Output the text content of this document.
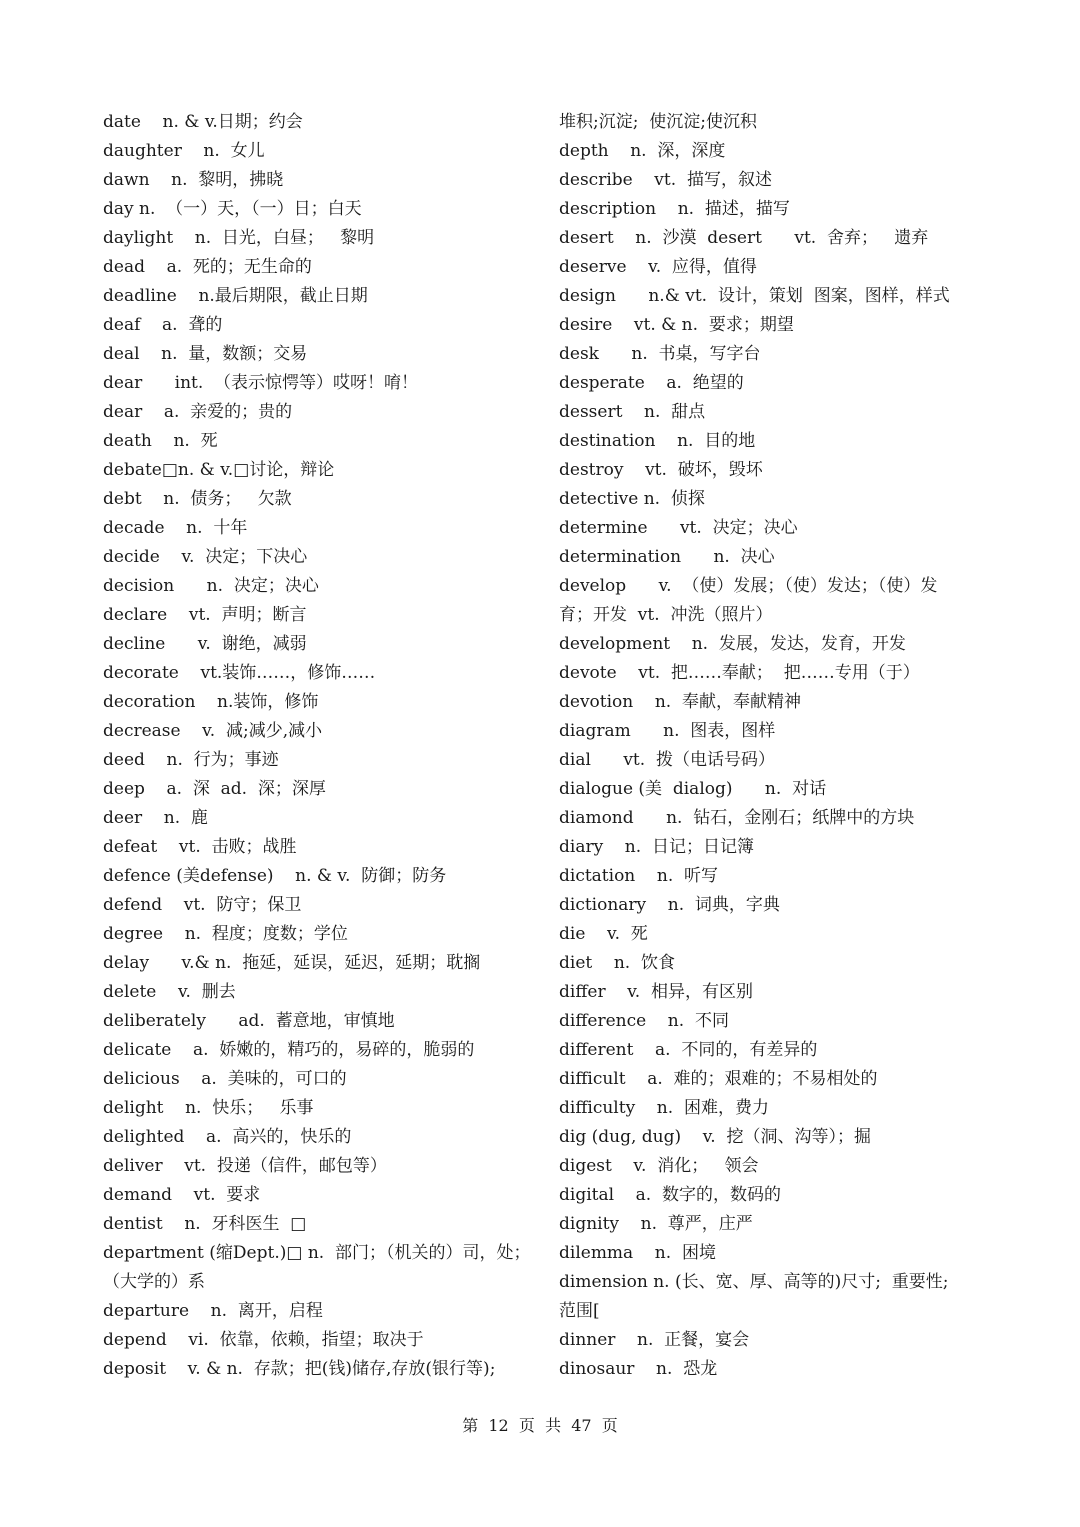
date    n. & v.日期；约会
daughter    n.  女儿
dawn    n.  黎明，拂晓
day n.  （一）天，（一）日；白天
daylight    n.  日光，白昼；   黎明
dead    a.  死的；无生命的
deadline    n.最后期限，截止日期
deaf    a.  聋的
deal    n.  量，数额；交易
dear      int.  （表示惊愕等）哎呀！唷！
dear    a.  亲爱的；贵的
death    n.  死
debate□n. & v.□讨论，辩论
debt    n.  债务；   欠款
decade    n.  十年
decide    v.  决定；下决心
decision      n.  决定；决心
declare    vt.  声明；断言
decline      v.  谢绝，减弱
decorate    vt.装饰……，修饰……
decoration    n.装饰，修饰
decrease    v.  减;减少,减小
deed    n.  行为；事迹
deep    a.  深  ad.  深；深厚
deer    n.  鹿
defeat    vt.  击败；战胜
defence (美defense)    n. & v.  防御；防务
defend    vt.  防守；保卫
degree    n.  程度；度数；学位
delay      v.& n.  拖延，延误，延迟，延期；耽搁
delete    v.  删去
deliberately      ad.  蓄意地，审慎地
delicate    a.  娇嫩的，精巧的，易碎的，脆弱的
delicious    a.  美味的，可口的
delight    n.  快乐；   乐事
delighted    a.  高兴的，快乐的
deliver    vt.  投递（信件，邮包等）
demand    vt.  要求
dentist    n.  牙科医生  □
department (缩Dept.)□ n.  部门；（机关的）司，处；
（大学的）系
departure    n.  离开，启程
depend    vi.  依靠，依赖，指望；取决于
deposit    v. & n.  存款；把(钱)储存,存放(银行等);
堆积;沉淀;  使沉淀;使沉积
depth    n.  深，深度
describe    vt.  描写，叙述
description    n.  描述，描写
desert    n.  沙漠  desert      vt.  舍弃；   遗弃
deserve    v.  应得，值得
design      n.& vt.  设计，策划  图案，图样，样式
desire    vt. & n.  要求；期望
desk      n.  书桌，写字台
desperate    a.  绝望的
dessert    n.  甜点
destination    n.  目的地
destroy    vt.  破坏，毁坏
detective n.  侦探
determine      vt.  决定；决心
determination      n.  决心
develop      v.  （使）发展；（使）发达；（使）发
育；开发  vt.  冲洗（照片）
development    n.  发展，发达，发育，开发
devote    vt.  把……奉献；  把……专用（于）
devotion    n.  奉献，奉献精神
diagram      n.  图表，图样
dial      vt.  拨（电话号码）
dialogue (美  dialog)      n.  对话
diamond      n.  钻石，金刚石；纸牌中的方块
diary    n.  日记；日记簿
dictation    n.  听写
dictionary    n.  词典，字典
die    v.  死
diet    n.  饮食
differ    v.  相异，有区别
difference    n.  不同
different    a.  不同的，有差异的
difficult    a.  难的；艰难的；不易相处的
difficulty    n.  困难，费力
dig (dug, dug)    v.  挖（洞、沟等）；掘
digest    v.  消化；   领会
digital    a.  数字的，数码的
dignity    n.  尊严，庄严
dilemma    n.  困境
dimension n. (长、宽、厚、高等的)尺寸;  重要性;
范围[
dinner    n.  正餐，宴会
dinosaur    n.  恐龙
第  12  页  共  47  页
